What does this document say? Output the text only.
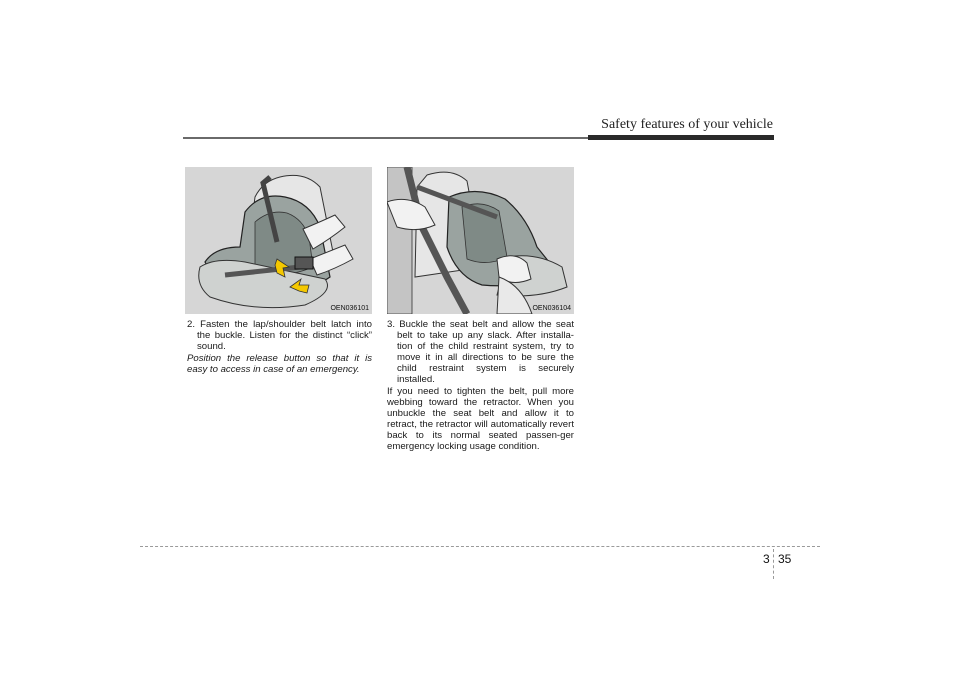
Safety features of your vehicle
OEN036101	OEN036104

2. Fasten the lap/shoulder belt latch into the buckle. Listen for the distinct “click” sound.

Position the release button so that it is easy to access in case of an emergency.

3. Buckle the seat belt and allow the seat belt to take up any slack. After installa-tion of the child restraint system, try to move it in all directions to be sure the child restraint system is securely installed.

If you need to tighten the belt, pull more webbing toward the retractor. When you unbuckle the seat belt and allow it to retract, the retractor will automatically revert back to its normal seated passen-ger emergency locking usage condition.

3 35
